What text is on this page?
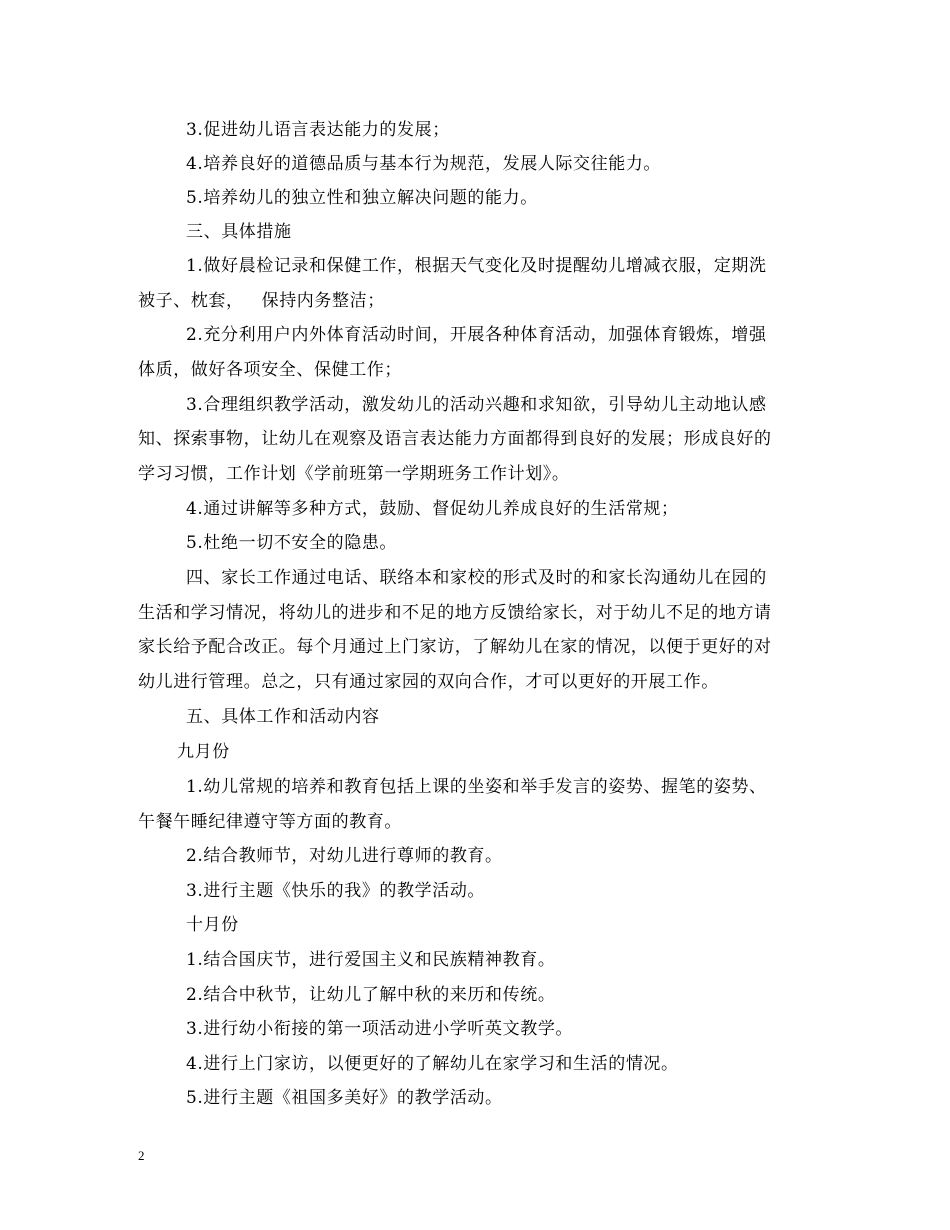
3.促进幼儿语言表达能力的发展；
4.培养良好的道德品质与基本行为规范，发展人际交往能力。
5.培养幼儿的独立性和独立解决问题的能力。
三、具体措施
1.做好晨检记录和保健工作，根据天气变化及时提醒幼儿增减衣服，定期洗
被子、枕套，   保持内务整洁；
2.充分利用户内外体育活动时间，开展各种体育活动，加强体育锻炼，增强
体质，做好各项安全、保健工作；
3.合理组织教学活动，激发幼儿的活动兴趣和求知欲，引导幼儿主动地认感
知、探索事物，让幼儿在观察及语言表达能力方面都得到良好的发展；形成良好的
学习习惯，工作计划《学前班第一学期班务工作计划》。
4.通过讲解等多种方式，鼓励、督促幼儿养成良好的生活常规；
5.杜绝一切不安全的隐患。
四、家长工作通过电话、联络本和家校的形式及时的和家长沟通幼儿在园的
生活和学习情况，将幼儿的进步和不足的地方反馈给家长，对于幼儿不足的地方请
家长给予配合改正。每个月通过上门家访，了解幼儿在家的情况，以便于更好的对
幼儿进行管理。总之，只有通过家园的双向合作，才可以更好的开展工作。
五、具体工作和活动内容
九月份
1.幼儿常规的培养和教育包括上课的坐姿和举手发言的姿势、握笔的姿势、
午餐午睡纪律遵守等方面的教育。
2.结合教师节，对幼儿进行尊师的教育。
3.进行主题《快乐的我》的教学活动。
十月份
1.结合国庆节，进行爱国主义和民族精神教育。
2.结合中秋节，让幼儿了解中秋的来历和传统。
3.进行幼小衔接的第一项活动进小学听英文教学。
4.进行上门家访，以便更好的了解幼儿在家学习和生活的情况。
5.进行主题《祖国多美好》的教学活动。
2
